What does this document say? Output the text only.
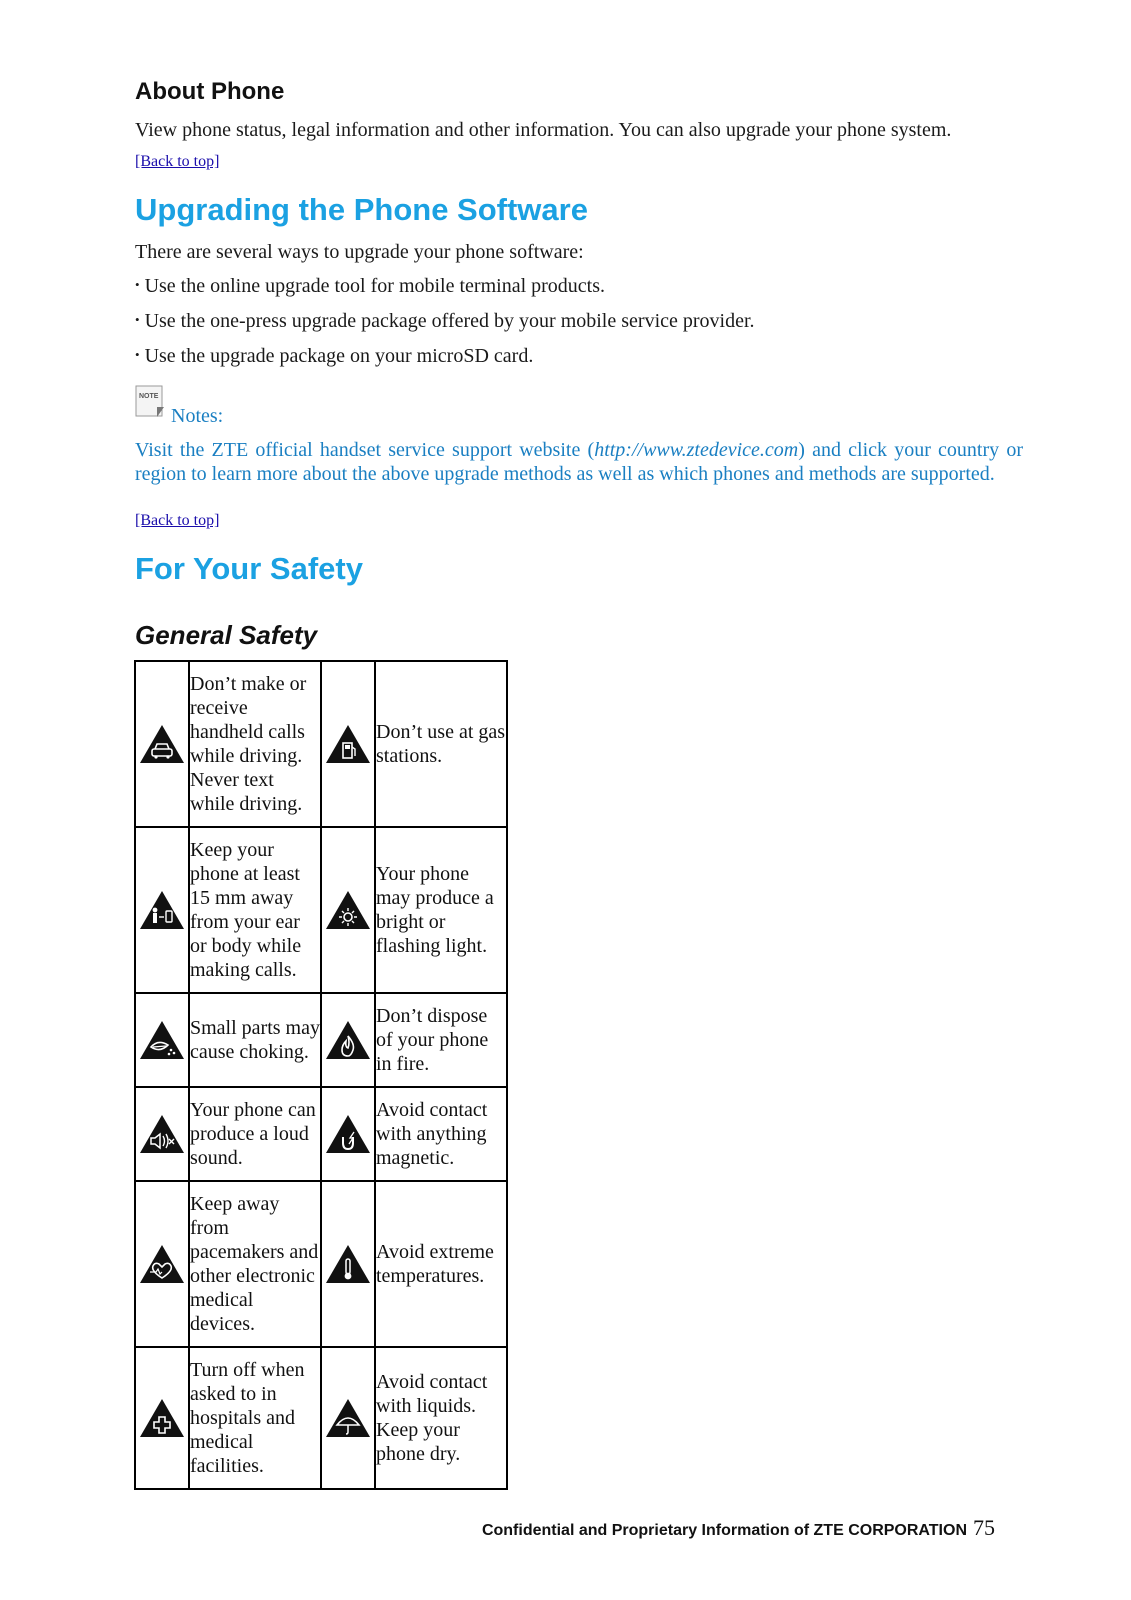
About Phone
View phone status, legal information and other information. You can also upgrade your phone system.
[Back to top]
Upgrading the Phone Software
There are several ways to upgrade your phone software:
• Use the online upgrade tool for mobile terminal products.
• Use the one-press upgrade package offered by your mobile service provider.
• Use the upgrade package on your microSD card.
NOTE
Notes:
Visit the ZTE official handset service support website (http://www.ztedevice.com) and click your country or region to learn more about the above upgrade methods as well as which phones and methods are supported.
[Back to top]
For Your Safety
General Safety
	Don’t make or receive handheld calls while driving. Never text while driving.		Don’t use at gas stations.

	Keep your phone at least 15 mm away from your ear or body while making calls.		Your phone may produce a bright or flashing light.

	Small parts may cause choking.		Don’t dispose of your phone in fire.

	Your phone can produce a loud sound.		Avoid contact with anything magnetic.

	Keep away from pacemakers and other electronic medical devices.		Avoid extreme temperatures.

	Turn off when asked to in hospitals and medical facilities.		Avoid contact with liquids. Keep your phone dry.
Confidential and Proprietary Information of ZTE CORPORATION 75
